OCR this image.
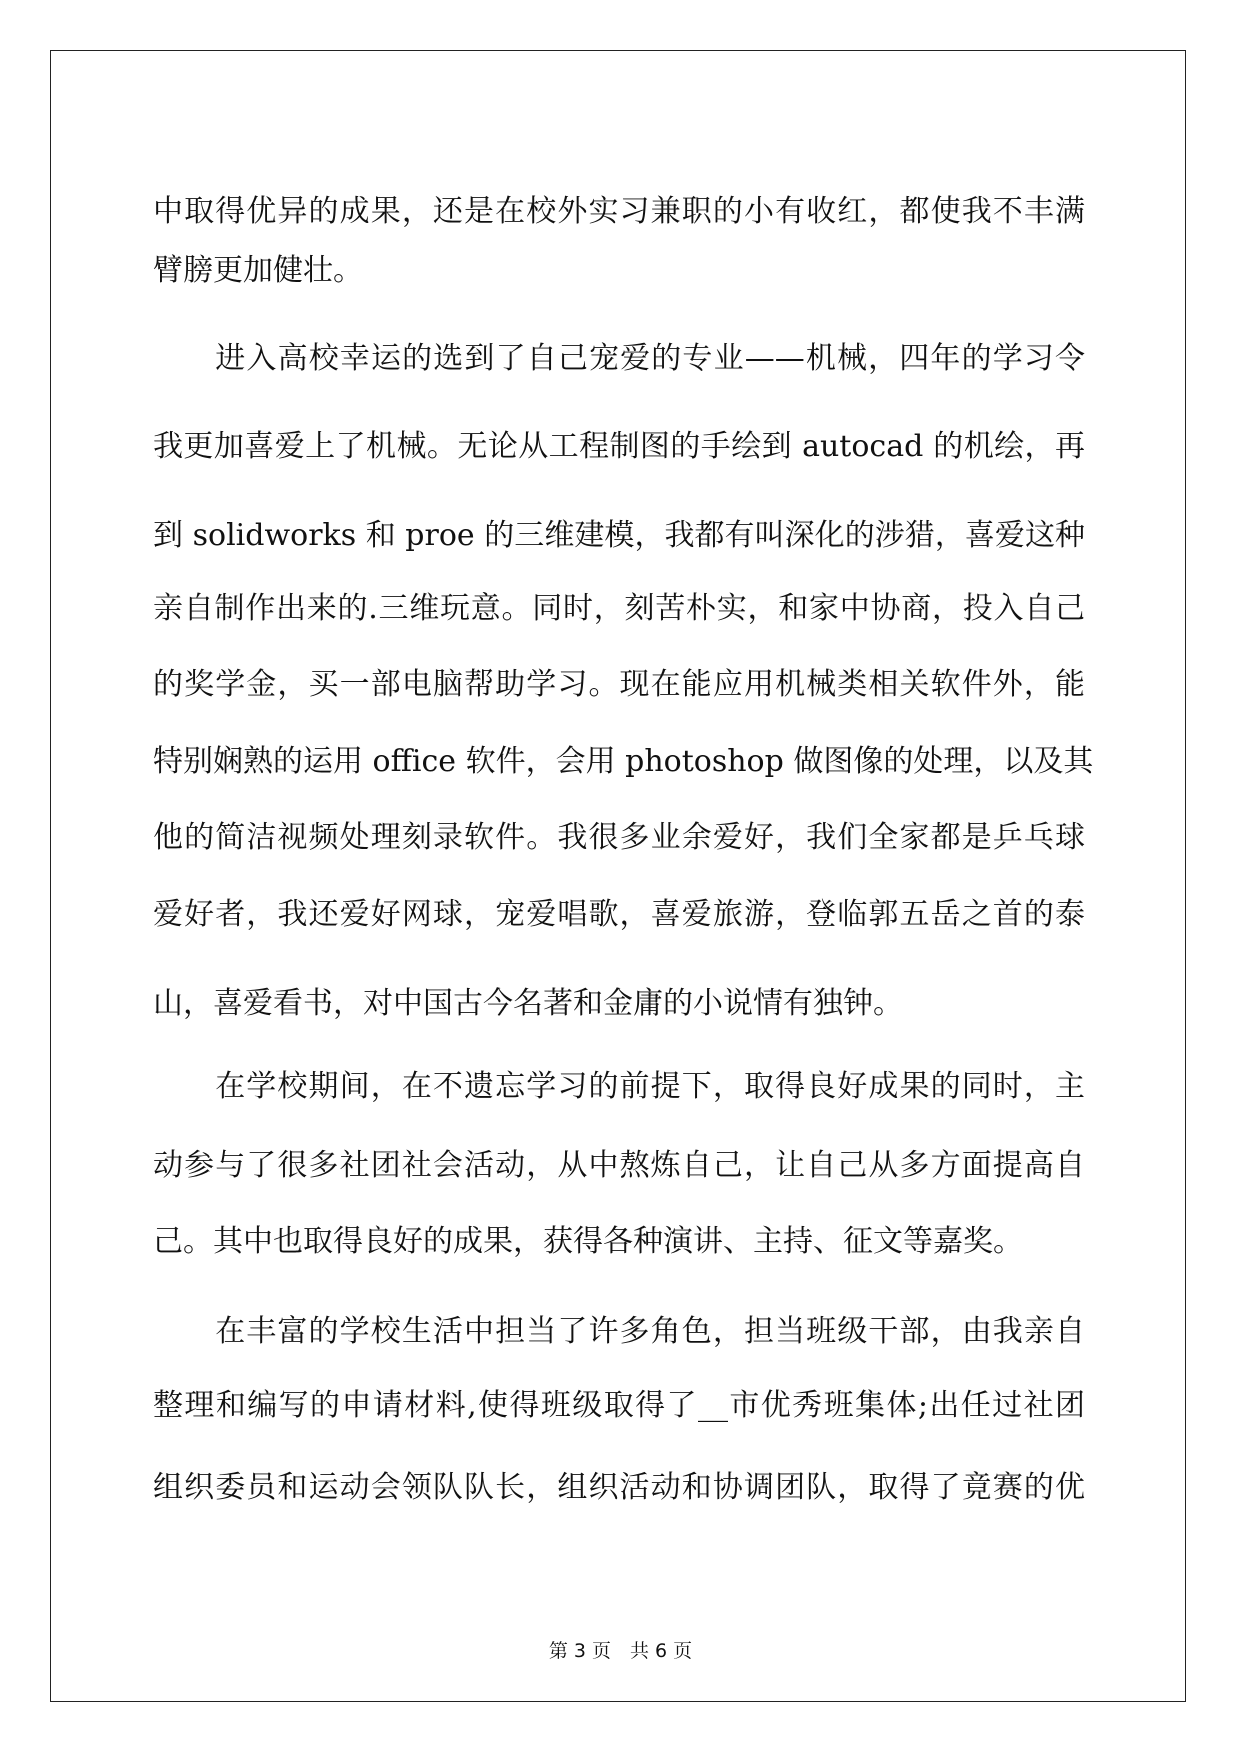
中取得优异的成果，还是在校外实习兼职的小有收红，都使我不丰满
臂膀更加健壮。
　　进入高校幸运的选到了自己宠爱的专业——机械，四年的学习令
我更加喜爱上了机械。无论从工程制图的手绘到 autocad 的机绘，再
到 solidworks 和 proe 的三维建模，我都有叫深化的涉猎，喜爱这种
亲自制作出来的.三维玩意。同时，刻苦朴实，和家中协商，投入自己
的奖学金，买一部电脑帮助学习。现在能应用机械类相关软件外，能
特别娴熟的运用 office 软件，会用 photoshop 做图像的处理，以及其
他的简洁视频处理刻录软件。我很多业余爱好，我们全家都是乒乓球
爱好者，我还爱好网球，宠爱唱歌，喜爱旅游，登临郭五岳之首的泰
山，喜爱看书，对中国古今名著和金庸的小说情有独钟。
　　在学校期间，在不遗忘学习的前提下，取得良好成果的同时，主
动参与了很多社团社会活动，从中熬炼自己，让自己从多方面提高自
己。其中也取得良好的成果，获得各种演讲、主持、征文等嘉奖。
　　在丰富的学校生活中担当了许多角色，担当班级干部，由我亲自
整理和编写的申请材料,使得班级取得了__市优秀班集体;出任过社团
组织委员和运动会领队队长，组织活动和协调团队，取得了竟赛的优
第 3 页　共 6 页
